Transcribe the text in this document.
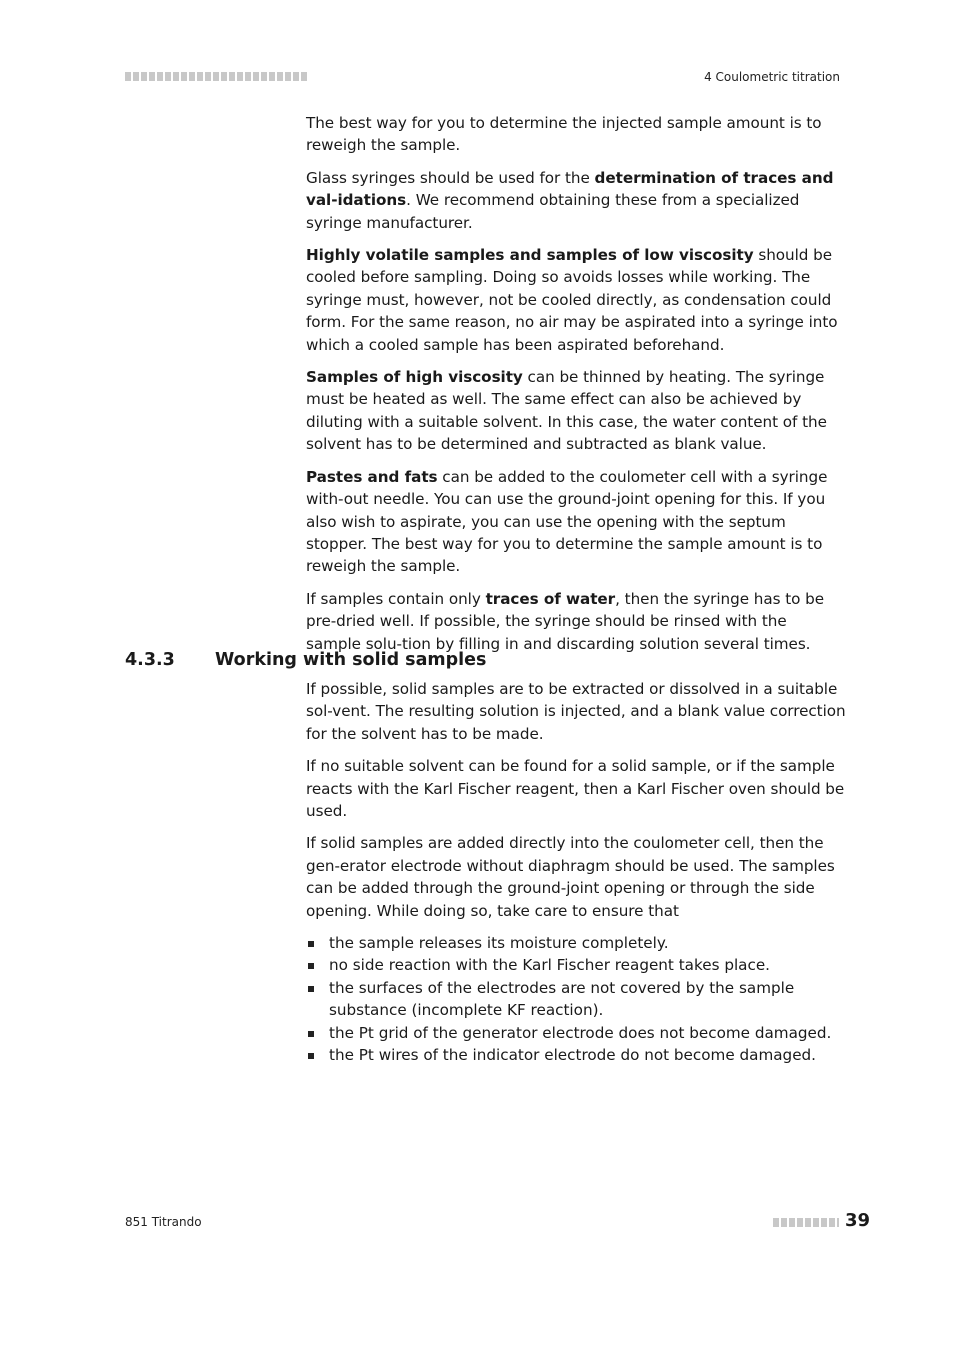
4 Coulometric titration

The best way for you to determine the injected sample amount is to reweigh the sample.

Glass syringes should be used for the determination of traces and val-idations. We recommend obtaining these from a specialized syringe manufacturer.

Highly volatile samples and samples of low viscosity should be cooled before sampling. Doing so avoids losses while working. The syringe must, however, not be cooled directly, as condensation could form. For the same reason, no air may be aspirated into a syringe into which a cooled sample has been aspirated beforehand.

Samples of high viscosity can be thinned by heating. The syringe must be heated as well. The same effect can also be achieved by diluting with a suitable solvent. In this case, the water content of the solvent has to be determined and subtracted as blank value.

Pastes and fats can be added to the coulometer cell with a syringe with-out needle. You can use the ground-joint opening for this. If you also wish to aspirate, you can use the opening with the septum stopper. The best way for you to determine the sample amount is to reweigh the sample.

If samples contain only traces of water, then the syringe has to be pre-dried well. If possible, the syringe should be rinsed with the sample solu-tion by filling in and discarding solution several times.

4.3.3 Working with solid samples

If possible, solid samples are to be extracted or dissolved in a suitable sol-vent. The resulting solution is injected, and a blank value correction for the solvent has to be made.

If no suitable solvent can be found for a solid sample, or if the sample reacts with the Karl Fischer reagent, then a Karl Fischer oven should be used.

If solid samples are added directly into the coulometer cell, then the gen-erator electrode without diaphragm should be used. The samples can be added through the ground-joint opening or through the side opening. While doing so, take care to ensure that

the sample releases its moisture completely.
no side reaction with the Karl Fischer reagent takes place.
the surfaces of the electrodes are not covered by the sample substance (incomplete KF reaction).
the Pt grid of the generator electrode does not become damaged.
the Pt wires of the indicator electrode do not become damaged.
851 Titrando	39
